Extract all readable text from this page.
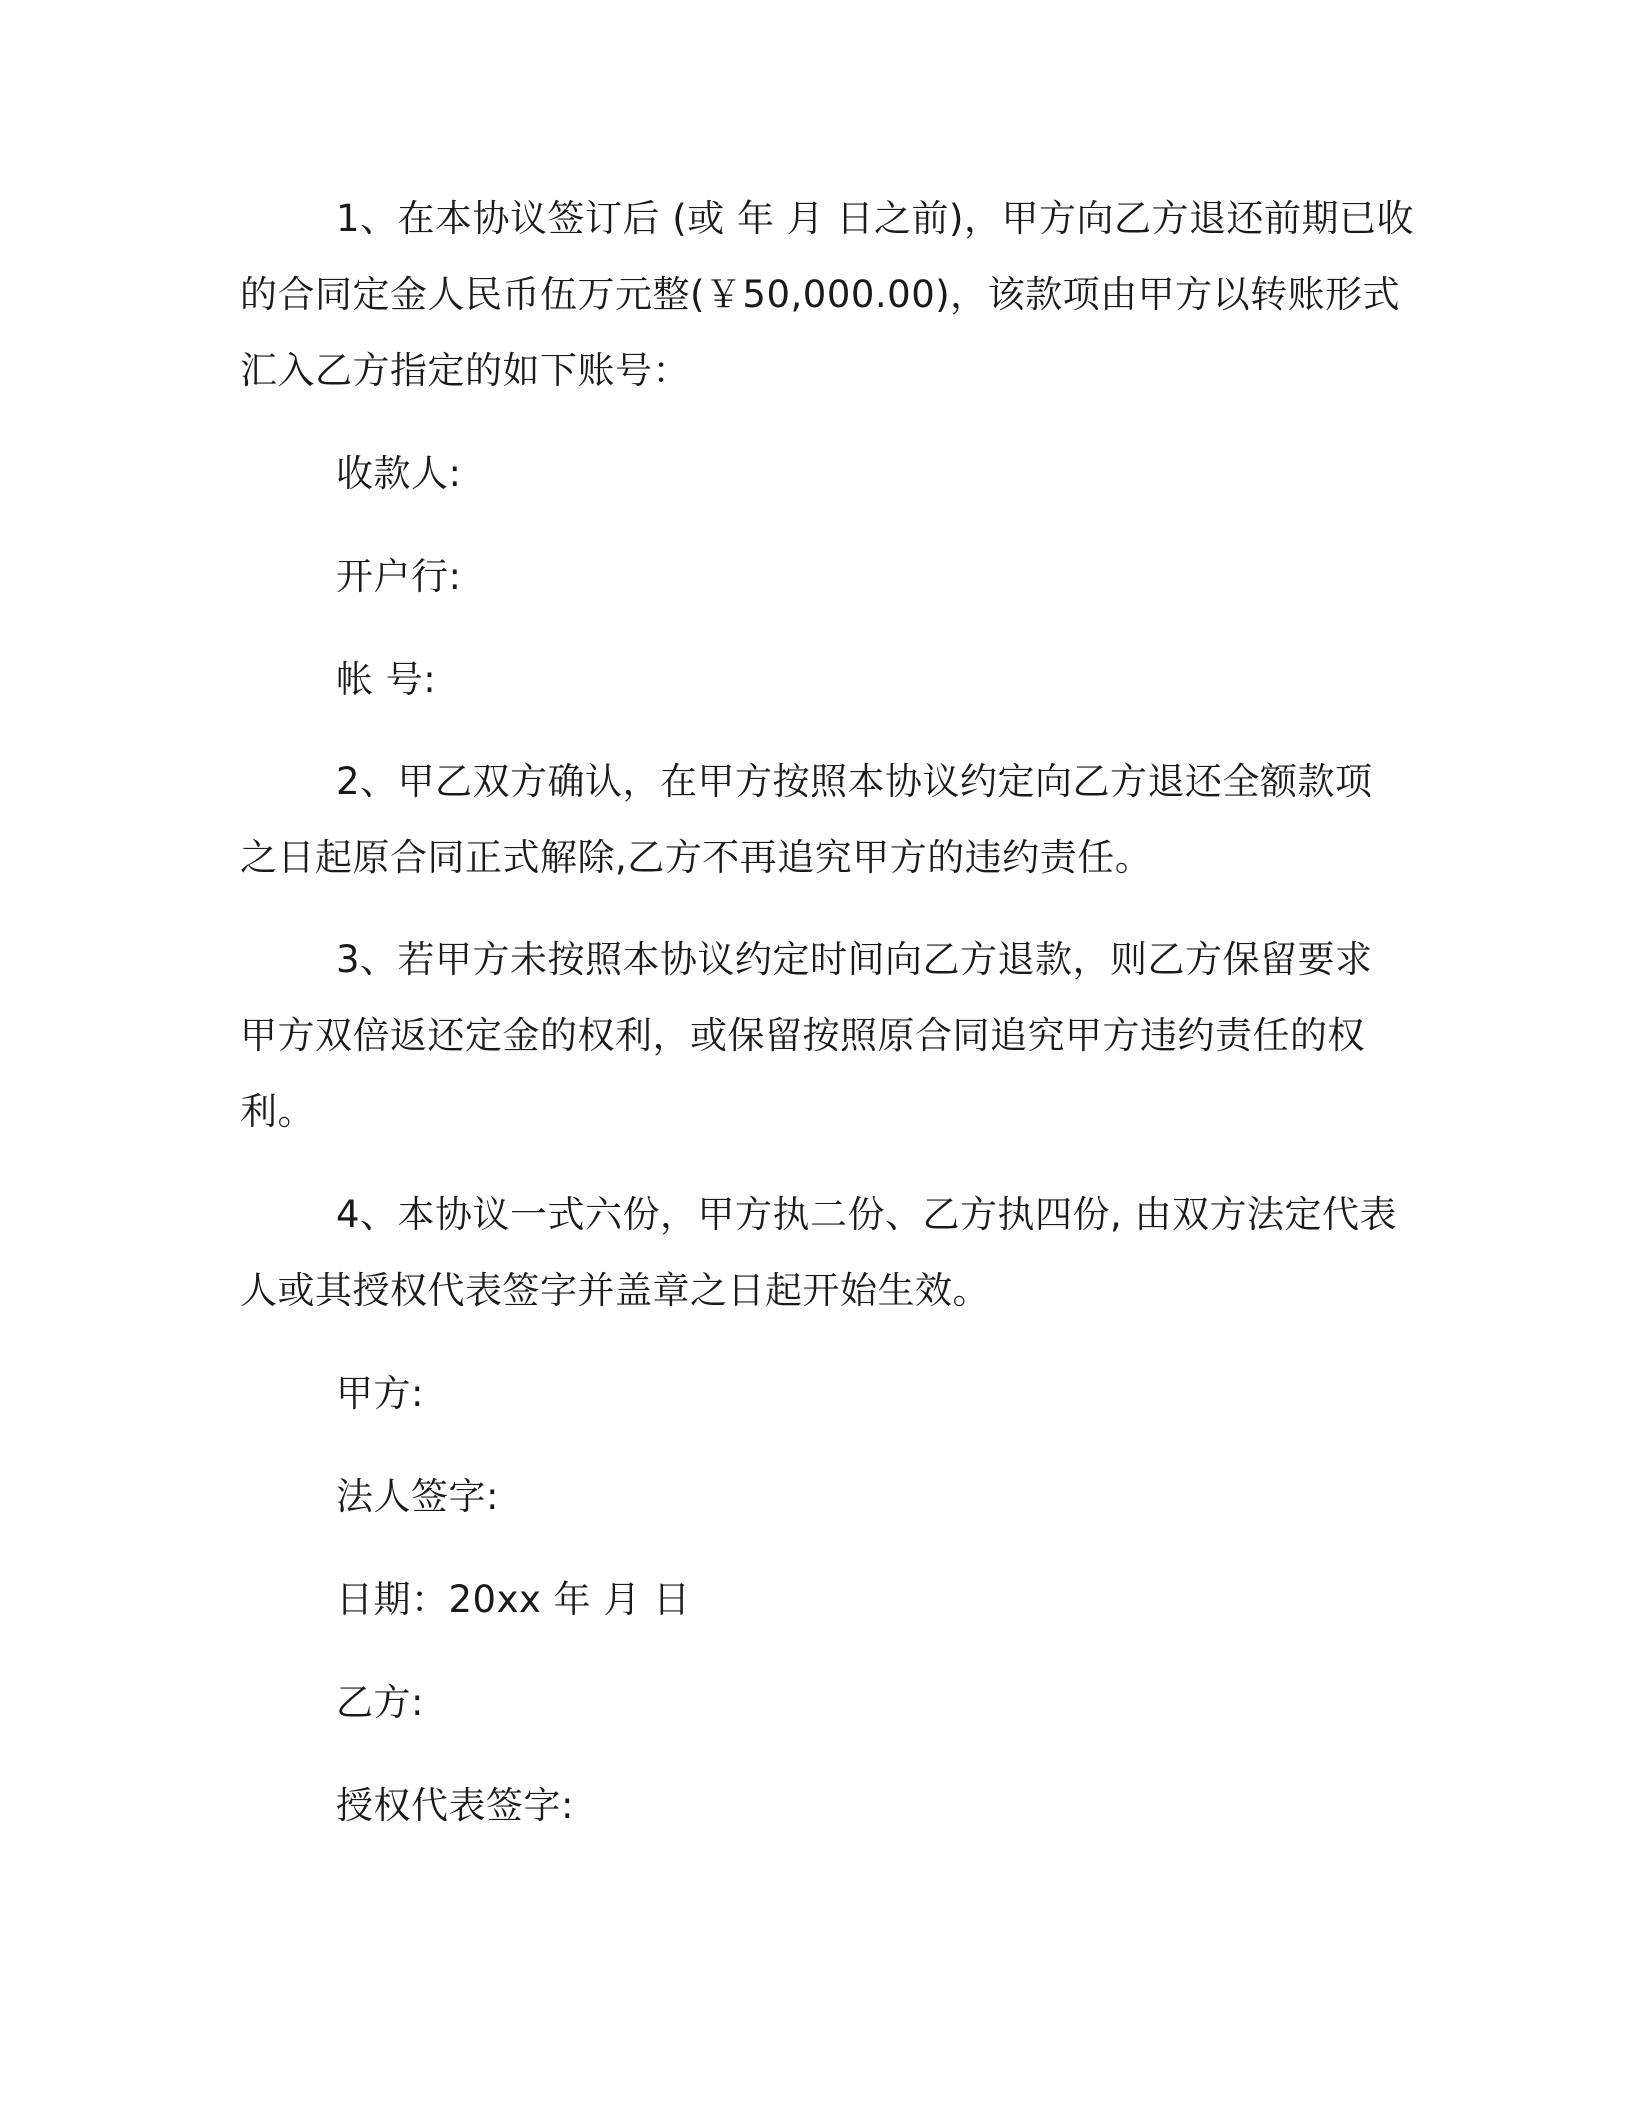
1、在本协议签订后 (或 年 月 日之前)，甲方向乙方退还前期已收
的合同定金人民币伍万元整(￥50,000.00)，该款项由甲方以转账形式
汇入乙方指定的如下账号：
收款人:
开户行:
帐 号:
2、甲乙双方确认，在甲方按照本协议约定向乙方退还全额款项
之日起原合同正式解除,乙方不再追究甲方的违约责任。
3、若甲方未按照本协议约定时间向乙方退款，则乙方保留要求
甲方双倍返还定金的权利，或保留按照原合同追究甲方违约责任的权
利。
4、本协议一式六份，甲方执二份、乙方执四份, 由双方法定代表
人或其授权代表签字并盖章之日起开始生效。
甲方:
法人签字:
日期：20xx 年 月 日
乙方:
授权代表签字:
